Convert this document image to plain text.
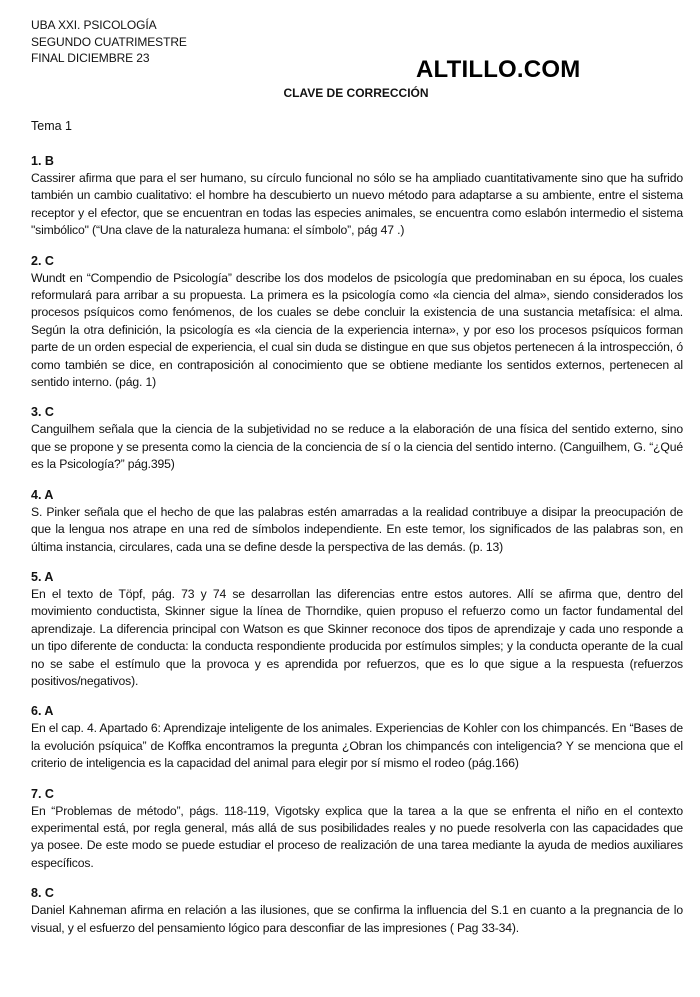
UBA XXI. PSICOLOGÍA
SEGUNDO CUATRIMESTRE
FINAL DICIEMBRE 23	ALTILLO.COM
CLAVE DE CORRECCIÓN
Tema 1
1. B
Cassirer afirma que para el ser humano, su círculo funcional no sólo se ha ampliado cuantitativamente sino que ha sufrido también un cambio cualitativo: el hombre ha descubierto un nuevo método para adaptarse a su ambiente, entre el sistema receptor y el efector, que se encuentran en todas las especies animales, se encuentra como eslabón intermedio el sistema "simbólico" (“Una clave de la naturaleza humana: el símbolo”, pág 47 .)
2. C
Wundt en “Compendio de Psicología” describe los dos modelos de psicología que predominaban en su época, los cuales reformulará para arribar a su propuesta. La primera es la psicología como «la ciencia del alma», siendo considerados los procesos psíquicos como fenómenos, de los cuales se debe concluir la existencia de una sustancia metafísica: el alma. Según la otra definición, la psicología es «la ciencia de la experiencia interna», y por eso los procesos psíquicos forman parte de un orden especial de experiencia, el cual sin duda se distingue en que sus objetos pertenecen á la introspección, ó como también se dice, en contraposición al conocimiento que se obtiene mediante los sentidos externos, pertenecen al sentido interno. (pág. 1)
3. C
Canguilhem señala que la ciencia de la subjetividad no se reduce a la elaboración de una física del sentido externo, sino que se propone y se presenta como la ciencia de la conciencia de sí o la ciencia del sentido interno. (Canguilhem, G. “¿Qué es la Psicología?” pág.395)
4. A
S. Pinker señala que el hecho de que las palabras estén amarradas a la realidad contribuye a disipar la preocupación de que la lengua nos atrape en una red de símbolos independiente. En este temor, los significados de las palabras son, en última instancia, circulares, cada una se define desde la perspectiva de las demás. (p. 13)
5. A
En el texto de Töpf, pág. 73 y 74 se desarrollan las diferencias entre estos autores. Allí se afirma que, dentro del movimiento conductista, Skinner sigue la línea de Thorndike, quien propuso el refuerzo como un factor fundamental del aprendizaje. La diferencia principal con Watson es que Skinner reconoce dos tipos de aprendizaje y cada uno responde a un tipo diferente de conducta: la conducta respondiente producida por estímulos simples; y la conducta operante de la cual no se sabe el estímulo que la provoca y es aprendida por refuerzos, que es lo que sigue a la respuesta (refuerzos positivos/negativos).
6. A
En el cap. 4. Apartado 6: Aprendizaje inteligente de los animales. Experiencias de Kohler con los chimpancés. En “Bases de la evolución psíquica” de Koffka encontramos la pregunta ¿Obran los chimpancés con inteligencia? Y se menciona que el criterio de inteligencia es la capacidad del animal para elegir por sí mismo el rodeo (pág.166)
7. C
En “Problemas de método”, págs. 118-119, Vigotsky explica que la tarea a la que se enfrenta el niño en el contexto experimental está, por regla general, más allá de sus posibilidades reales y no puede resolverla con las capacidades que ya posee. De este modo se puede estudiar el proceso de realización de una tarea mediante la ayuda de medios auxiliares específicos.
8. C
Daniel Kahneman afirma en relación a las ilusiones, que se confirma la influencia del S.1 en cuanto a la pregnancia de lo visual, y el esfuerzo del pensamiento lógico para desconfiar de las impresiones ( Pag 33-34).
